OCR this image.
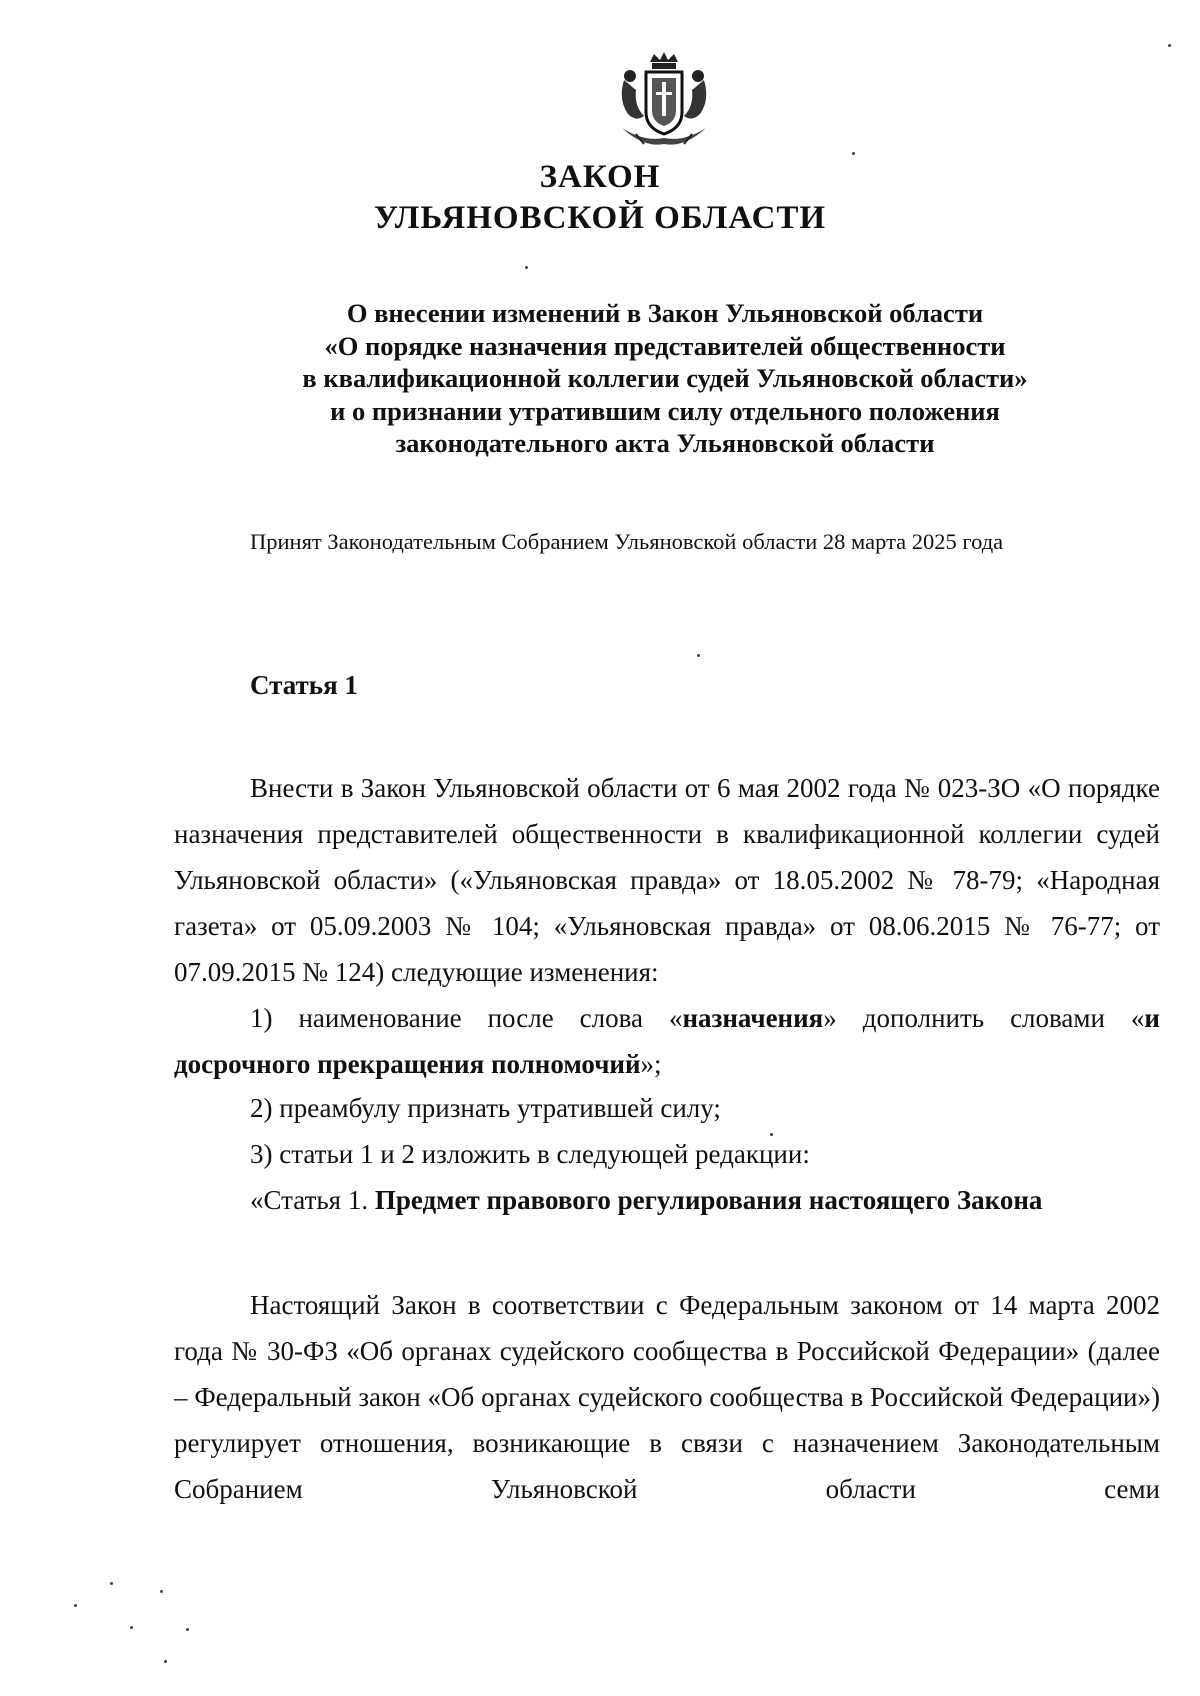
ЗАКОН
УЛЬЯНОВСКОЙ ОБЛАСТИ
О внесении изменений в Закон Ульяновской области
«О порядке назначения представителей общественности
в квалификационной коллегии судей Ульяновской области»
и о признании утратившим силу отдельного положения
законодательного акта Ульяновской области
Принят Законодательным Собранием Ульяновской области 28 марта 2025 года
Статья 1
Внести в Закон Ульяновской области от 6 мая 2002 года № 023-ЗО «О порядке назначения представителей общественности в квалификационной коллегии судей Ульяновской области» («Ульяновская правда» от 18.05.2002 № 78-79; «Народная газета» от 05.09.2003 № 104; «Ульяновская правда» от 08.06.2015 № 76-77; от 07.09.2015 № 124) следующие изменения:
1) наименование после слова «назначения» дополнить словами «и досрочного прекращения полномочий»;
2) преамбулу признать утратившей силу;
3) статьи 1 и 2 изложить в следующей редакции:
«Статья 1. Предмет правового регулирования настоящего Закона
Настоящий Закон в соответствии с Федеральным законом от 14 марта 2002 года № 30-ФЗ «Об органах судейского сообщества в Российской Федерации» (далее – Федеральный закон «Об органах судейского сообщества в Российской Федерации») регулирует отношения, возникающие в связи с назначением Законодательным Собранием Ульяновской области семи
